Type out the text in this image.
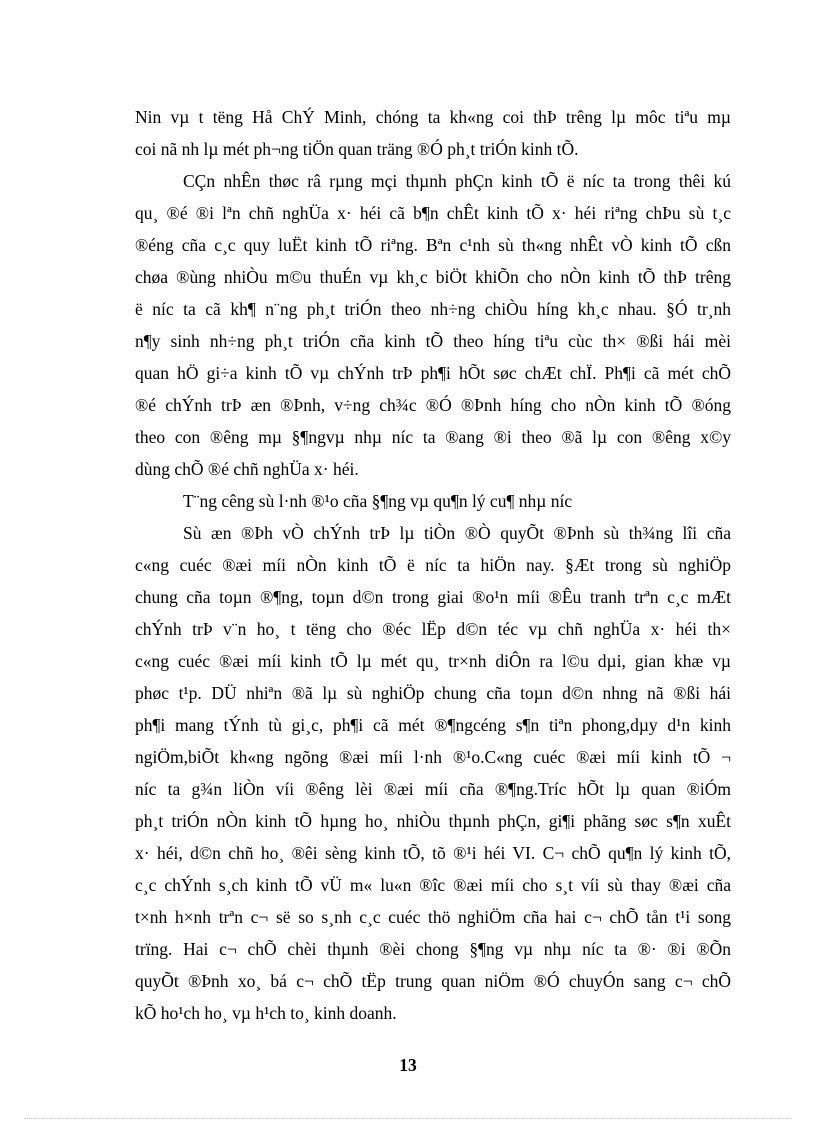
Nin vµ t tëng Hå ChÝ Minh, chóng ta kh«ng coi thÞ trêng lµ môc tiªu mµ
coi nã nh lµ mét ph¬ng tiÖn quan träng ®Ó ph¸t triÓn kinh tÕ.
CÇn nhÊn thøc râ rµng mçi thµnh phÇn kinh tÕ ë níc ta trong thêi kú
qu¸ ®é ®i lªn chñ nghÜa x· héi cã b¶n chÊt kinh tÕ x· héi riªng chÞu sù t¸c
®éng cña c¸c quy luËt kinh tÕ riªng. Bªn c¹nh sù th«ng nhÊt vÒ kinh tÕ cßn
chøa ®ùng nhiÒu m©u thuÉn vµ kh¸c biÖt khiÕn cho nÒn kinh tÕ thÞ trêng
ë níc ta cã kh¶ n¨ng ph¸t triÓn theo nh÷ng chiÒu híng kh¸c nhau. §Ó tr¸nh
n¶y sinh nh÷ng ph¸t triÓn cña kinh tÕ theo híng tiªu cùc th× ®ßi hái mèi
quan hÖ gi÷a kinh tÕ vµ chÝnh trÞ ph¶i hÕt søc chÆt chÏ. Ph¶i cã mét chÕ
®é chÝnh trÞ æn ®Þnh, v÷ng ch¾c ®Ó ®Þnh híng cho nÒn kinh tÕ ®óng
theo con ®êng mµ §¶ngvµ nhµ níc ta ®ang ®i theo ®ã lµ con ®êng x©y
dùng chÕ ®é chñ nghÜa x· héi.
T¨ng cêng sù l·nh ®¹o cña §¶ng vµ qu¶n lý cu¶ nhµ níc
Sù æn ®Þh vÒ chÝnh trÞ lµ tiÒn ®Ò quyÕt ®Þnh sù th¾ng lîi cña
c«ng cuéc ®æi míi nÒn kinh tÕ ë níc ta hiÖn nay. §Æt trong sù nghiÖp
chung cña toµn ®¶ng, toµn d©n trong giai ®o¹n míi ®Êu tranh trªn c¸c mÆt
chÝnh trÞ v¨n ho¸ t tëng cho ®éc lËp d©n téc vµ chñ nghÜa x· héi th×
c«ng cuéc ®æi míi kinh tÕ lµ mét qu¸ tr×nh diÔn ra l©u dµi, gian khæ vµ
phøc t¹p. DÜ nhiªn ®ã lµ sù nghiÖp chung cña toµn d©n nhng nã ®ßi hái
ph¶i mang tÝnh tù gi¸c, ph¶i cã mét ®¶ngcéng s¶n tiªn phong,dµy d¹n kinh
ngiÖm,biÕt kh«ng ngõng ®æi míi l·nh ®¹o.C«ng cuéc ®æi míi kinh tÕ ¬
níc ta g¾n liÒn víi ®êng lèi ®æi míi cña ®¶ng.Tríc hÕt lµ quan ®iÓm
ph¸t triÓn nÒn kinh tÕ hµng ho¸ nhiÒu thµnh phÇn, gi¶i phãng søc s¶n xuÊt
x· héi, d©n chñ ho¸ ®êi sèng kinh tÕ, tõ ®¹i héi VI. C¬ chÕ qu¶n lý kinh tÕ,
c¸c chÝnh s¸ch kinh tÕ vÜ m« lu«n ®îc ®æi míi cho s¸t víi sù thay ®æi cña
t×nh h×nh trªn c¬ së so s¸nh c¸c cuéc thö nghiÖm cña hai c¬ chÕ tån t¹i song
trïng. Hai c¬ chÕ chèi thµnh ®èi chong §¶ng vµ nhµ níc ta ®· ®i ®Õn
quyÕt ®Þnh xo¸ bá c¬ chÕ tËp trung quan niÖm ®Ó chuyÓn sang c¬ chÕ
kÕ ho¹ch ho¸ vµ h¹ch to¸ kinh doanh.
13
